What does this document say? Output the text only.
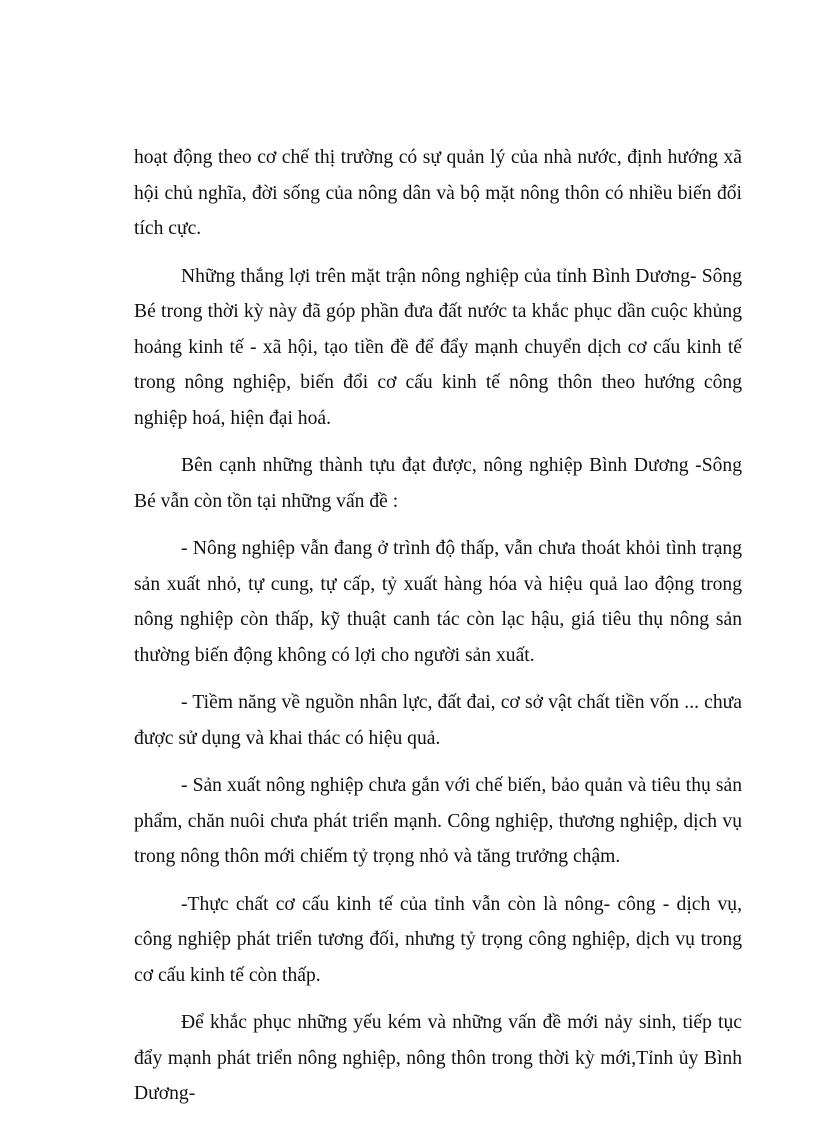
hoạt động theo cơ chế thị trường có sự quản lý của nhà nước, định hướng xã hội chủ nghĩa, đời sống của nông dân và bộ mặt nông thôn có nhiều biến đổi tích cực.

Những thắng lợi trên mặt trận nông nghiệp của tỉnh Bình Dương- Sông Bé trong thời kỳ này đã góp phần đưa đất nước ta khắc phục dần cuộc khủng hoảng kinh tế - xã hội, tạo tiền đề để đẩy mạnh chuyển dịch cơ cấu kinh tế trong nông nghiệp, biến đổi cơ cấu kinh tế nông thôn theo hướng công nghiệp hoá, hiện đại hoá.

Bên cạnh những thành tựu đạt được, nông nghiệp Bình Dương -Sông Bé vẫn còn tồn tại những vấn đề :

- Nông nghiệp vẫn đang ở trình độ thấp, vẫn chưa thoát khỏi tình trạng sản xuất nhỏ, tự cung, tự cấp, tỷ xuất hàng hóa và hiệu quả lao động trong nông nghiệp còn thấp, kỹ thuật canh tác còn lạc hậu, giá tiêu thụ nông sản thường biến động không có lợi cho người sản xuất.

- Tiềm năng về nguồn nhân lực, đất đai, cơ sở vật chất tiền vốn ... chưa được sử dụng và khai thác có hiệu quả.

- Sản xuất nông nghiệp chưa gắn với chế biến, bảo quản và tiêu thụ sản phẩm, chăn nuôi chưa phát triển mạnh. Công nghiệp, thương nghiệp, dịch vụ trong nông thôn mới chiếm tỷ trọng nhỏ và tăng trưởng chậm.

-Thực chất cơ cấu kinh tế của tỉnh vẫn còn là nông- công - dịch vụ, công nghiệp phát triển tương đối, nhưng tỷ trọng công nghiệp, dịch vụ trong cơ cấu kinh tế còn thấp.

Để khắc phục những yếu kém và những vấn đề mới nảy sinh, tiếp tục đẩy mạnh phát triển nông nghiệp, nông thôn trong thời kỳ mới,Tỉnh ủy Bình Dương-
